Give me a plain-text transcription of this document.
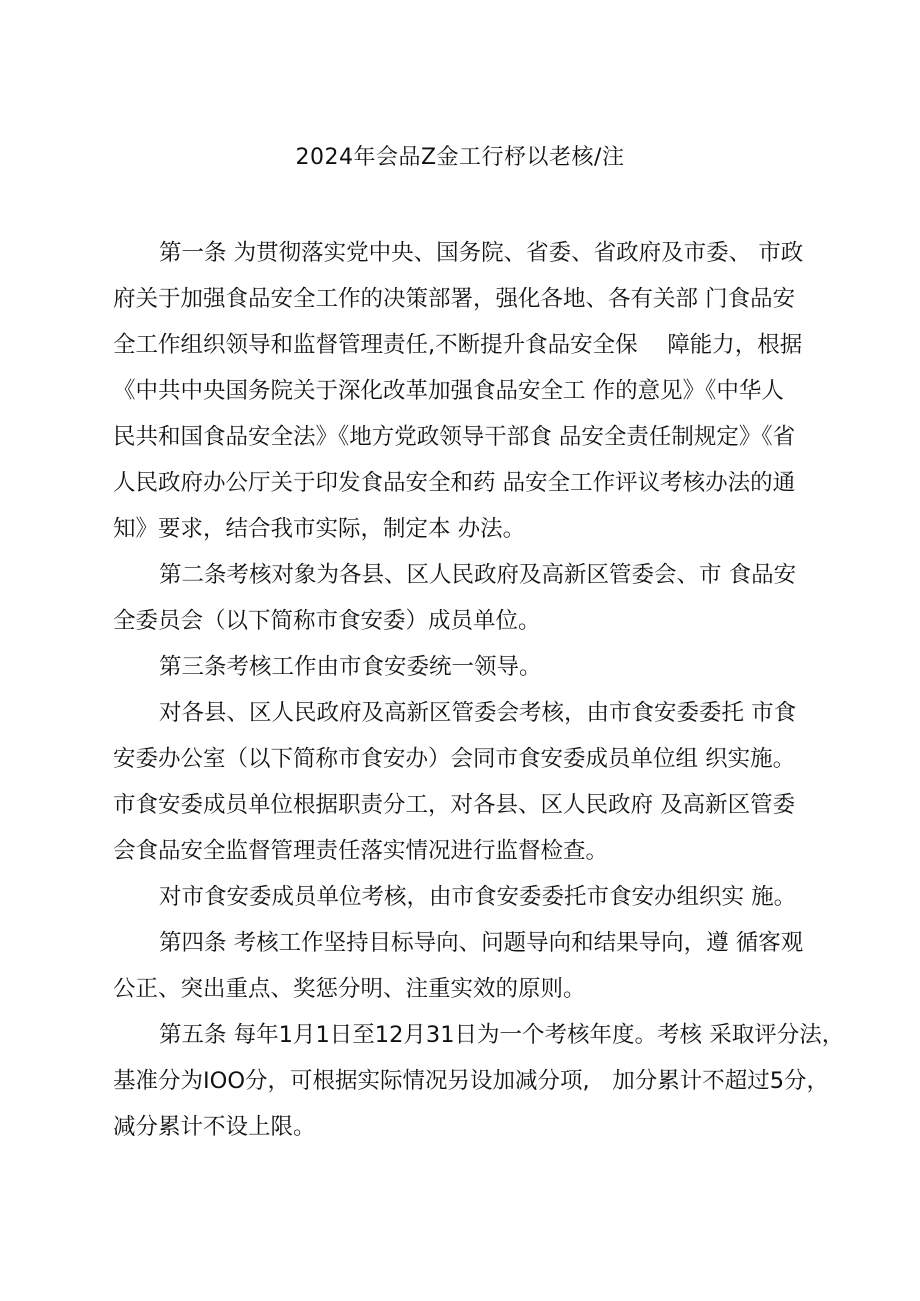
2024年会品Z金工行杼以老核/注
第一条 为贯彻落实党中央、国务院、省委、省政府及市委、 市政
府关于加强食品安全工作的决策部署，强化各地、各有关部 门食品安
全工作组织领导和监督管理责任,不断提升食品安全保　 障能力，根据
《中共中央国务院关于深化改革加强食品安全工 作的意见》《中华人
民共和国食品安全法》《地方党政领导干部食 品安全责任制规定》《省
人民政府办公厅关于印发食品安全和药 品安全工作评议考核办法的通
知》要求，结合我市实际，制定本 办法。
第二条考核对象为各县、区人民政府及高新区管委会、市 食品安
全委员会（以下简称市食安委）成员单位。
第三条考核工作由市食安委统一领导。
对各县、区人民政府及高新区管委会考核，由市食安委委托 市食
安委办公室（以下简称市食安办）会同市食安委成员单位组 织实施。
市食安委成员单位根据职责分工，对各县、区人民政府 及高新区管委
会食品安全监督管理责任落实情况进行监督检查。
对市食安委成员单位考核，由市食安委委托市食安办组织实 施。
第四条 考核工作坚持目标导向、问题导向和结果导向，遵 循客观
公正、突出重点、奖惩分明、注重实效的原则。
第五条 每年1月1日至12月31日为一个考核年度。考核 采取评分法，
基准分为IOO分，可根据实际情况另设加减分项,　加分累计不超过5分，
减分累计不设上限。
